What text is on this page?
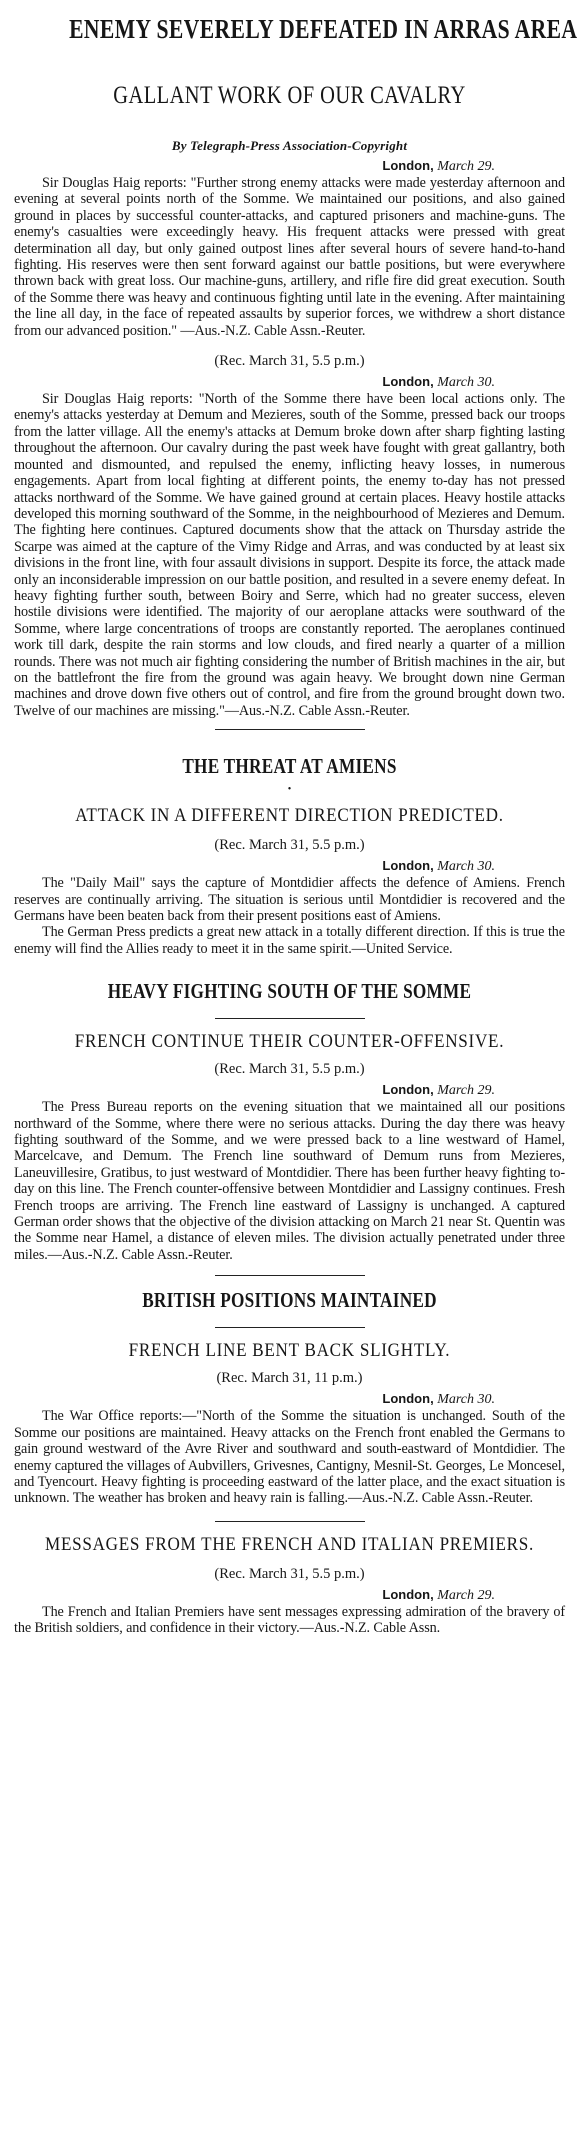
ENEMY SEVERELY DEFEATED IN ARRAS AREA
GALLANT WORK OF OUR CAVALRY
By Telegraph-Press Association-Copyright
London, March 29.

Sir Douglas Haig reports: "Further strong enemy attacks were made yesterday afternoon and evening at several points north of the Somme. We maintained our positions, and also gained ground in places by successful counter-attacks, and captured prisoners and machine-guns. The enemy's casualties were exceedingly heavy. His frequent attacks were pressed with great determination all day, but only gained outpost lines after several hours of severe hand-to-hand fighting. His reserves were then sent forward against our battle positions, but were everywhere thrown back with great loss. Our machine-guns, artillery, and rifle fire did great execution. South of the Somme there was heavy and continuous fighting until late in the evening. After maintaining the line all day, in the face of repeated assaults by superior forces, we withdrew a short distance from our advanced position." —Aus.-N.Z. Cable Assn.-Reuter.

(Rec. March 31, 5.5 p.m.)
London, March 30.

Sir Douglas Haig reports: "North of the Somme there have been local actions only. The enemy's attacks yesterday at Demum and Mezieres, south of the Somme, pressed back our troops from the latter village. All the enemy's attacks at Demum broke down after sharp fighting lasting throughout the afternoon. Our cavalry during the past week have fought with great gallantry, both mounted and dismounted, and repulsed the enemy, inflicting heavy losses, in numerous engagements. Apart from local fighting at different points, the enemy to-day has not pressed attacks northward of the Somme. We have gained ground at certain places. Heavy hostile attacks developed this morning southward of the Somme, in the neighbourhood of Mezieres and Demum. The fighting here continues. Captured documents show that the attack on Thursday astride the Scarpe was aimed at the capture of the Vimy Ridge and Arras, and was conducted by at least six divisions in the front line, with four assault divisions in support. Despite its force, the attack made only an inconsiderable impression on our battle position, and resulted in a severe enemy defeat. In heavy fighting further south, between Boiry and Serre, which had no greater success, eleven hostile divisions were identified. The majority of our aeroplane attacks were southward of the Somme, where large concentrations of troops are constantly reported. The aeroplanes continued work till dark, despite the rain storms and low clouds, and fired nearly a quarter of a million rounds. There was not much air fighting considering the number of British machines in the air, but on the battlefront the fire from the ground was again heavy. We brought down nine German machines and drove down five others out of control, and fire from the ground brought down two. Twelve of our machines are missing."—Aus.-N.Z. Cable Assn.-Reuter.

THE THREAT AT AMIENS
•
ATTACK IN A DIFFERENT DIRECTION PREDICTED.
(Rec. March 31, 5.5 p.m.)
London, March 30.

The "Daily Mail" says the capture of Montdidier affects the defence of Amiens. French reserves are continually arriving. The situation is serious until Montdidier is recovered and the Germans have been beaten back from their present positions east of Amiens.

The German Press predicts a great new attack in a totally different direction. If this is true the enemy will find the Allies ready to meet it in the same spirit.—United Service.

HEAVY FIGHTING SOUTH OF THE SOMME
FRENCH CONTINUE THEIR COUNTER-OFFENSIVE.
(Rec. March 31, 5.5 p.m.)
London, March 29.

The Press Bureau reports on the evening situation that we maintained all our positions northward of the Somme, where there were no serious attacks. During the day there was heavy fighting southward of the Somme, and we were pressed back to a line westward of Hamel, Marcelcave, and Demum. The French line southward of Demum runs from Mezieres, Laneuvillesire, Gratibus, to just westward of Montdidier. There has been further heavy fighting to-day on this line. The French counter-offensive between Montdidier and Lassigny continues. Fresh French troops are arriving. The French line eastward of Lassigny is unchanged. A captured German order shows that the objective of the division attacking on March 21 near St. Quentin was the Somme near Hamel, a distance of eleven miles. The division actually penetrated under three miles.—Aus.-N.Z. Cable Assn.-Reuter.

BRITISH POSITIONS MAINTAINED
FRENCH LINE BENT BACK SLIGHTLY.
(Rec. March 31, 11 p.m.)
London, March 30.

The War Office reports:—"North of the Somme the situation is unchanged. South of the Somme our positions are maintained. Heavy attacks on the French front enabled the Germans to gain ground westward of the Avre River and southward and south-eastward of Montdidier. The enemy captured the villages of Aubvillers, Grivesnes, Cantigny, Mesnil-St. Georges, Le Moncesel, and Tyencourt. Heavy fighting is proceeding eastward of the latter place, and the exact situation is unknown. The weather has broken and heavy rain is falling.—Aus.-N.Z. Cable Assn.-Reuter.

MESSAGES FROM THE FRENCH AND ITALIAN PREMIERS.
(Rec. March 31, 5.5 p.m.)
London, March 29.

The French and Italian Premiers have sent messages expressing admiration of the bravery of the British soldiers, and confidence in their victory.—Aus.-N.Z. Cable Assn.
